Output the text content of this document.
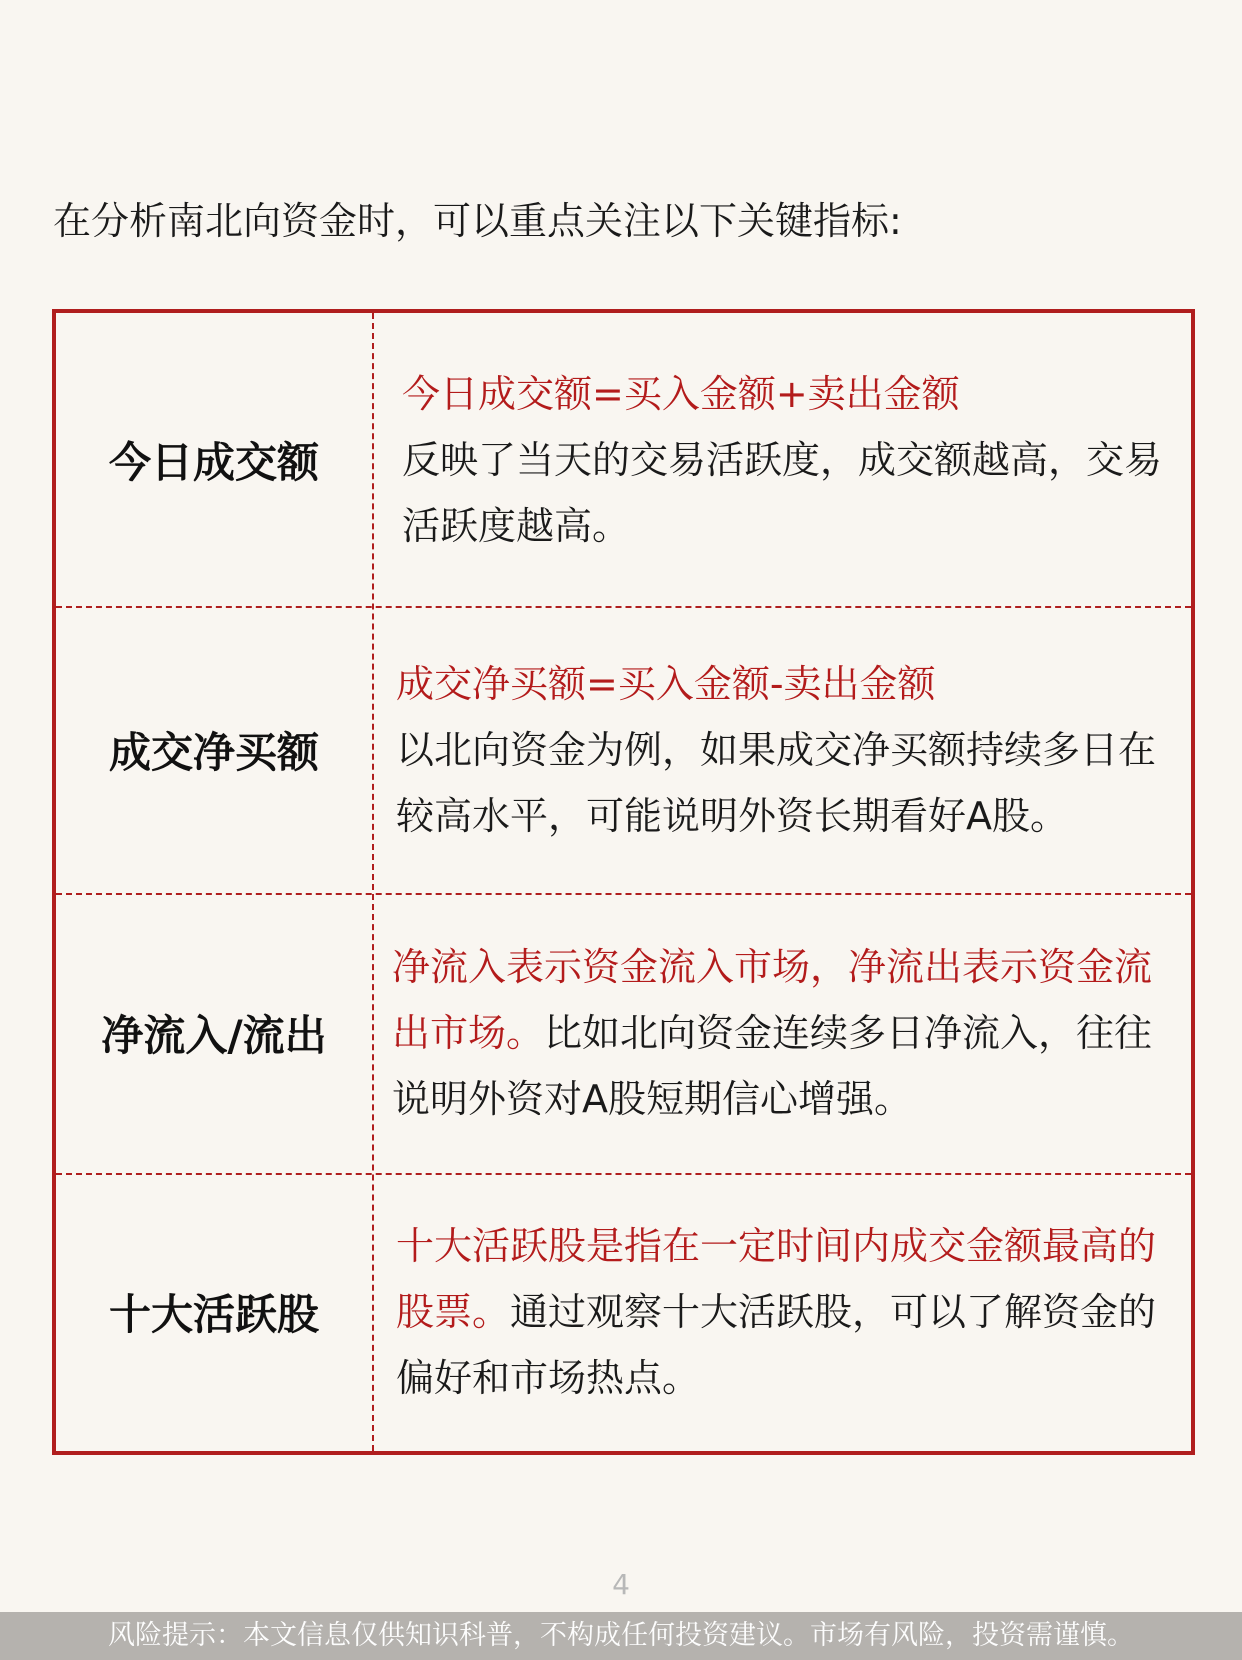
在分析南北向资金时，可以重点关注以下关键指标:
今日成交额
今日成交额=买入金额+卖出金额
反映了当天的交易活跃度，成交额越高，交易活跃度越高。
成交净买额
成交净买额=买入金额-卖出金额
以北向资金为例，如果成交净买额持续多日在较高水平，可能说明外资长期看好A股。
净流入/流出
净流入表示资金流入市场，净流出表示资金流出市场。比如北向资金连续多日净流入，往往说明外资对A股短期信心增强。
十大活跃股
十大活跃股是指在一定时间内成交金额最高的股票。通过观察十大活跃股，可以了解资金的偏好和市场热点。
4
风险提示：本文信息仅供知识科普，不构成任何投资建议。市场有风险，投资需谨慎。
